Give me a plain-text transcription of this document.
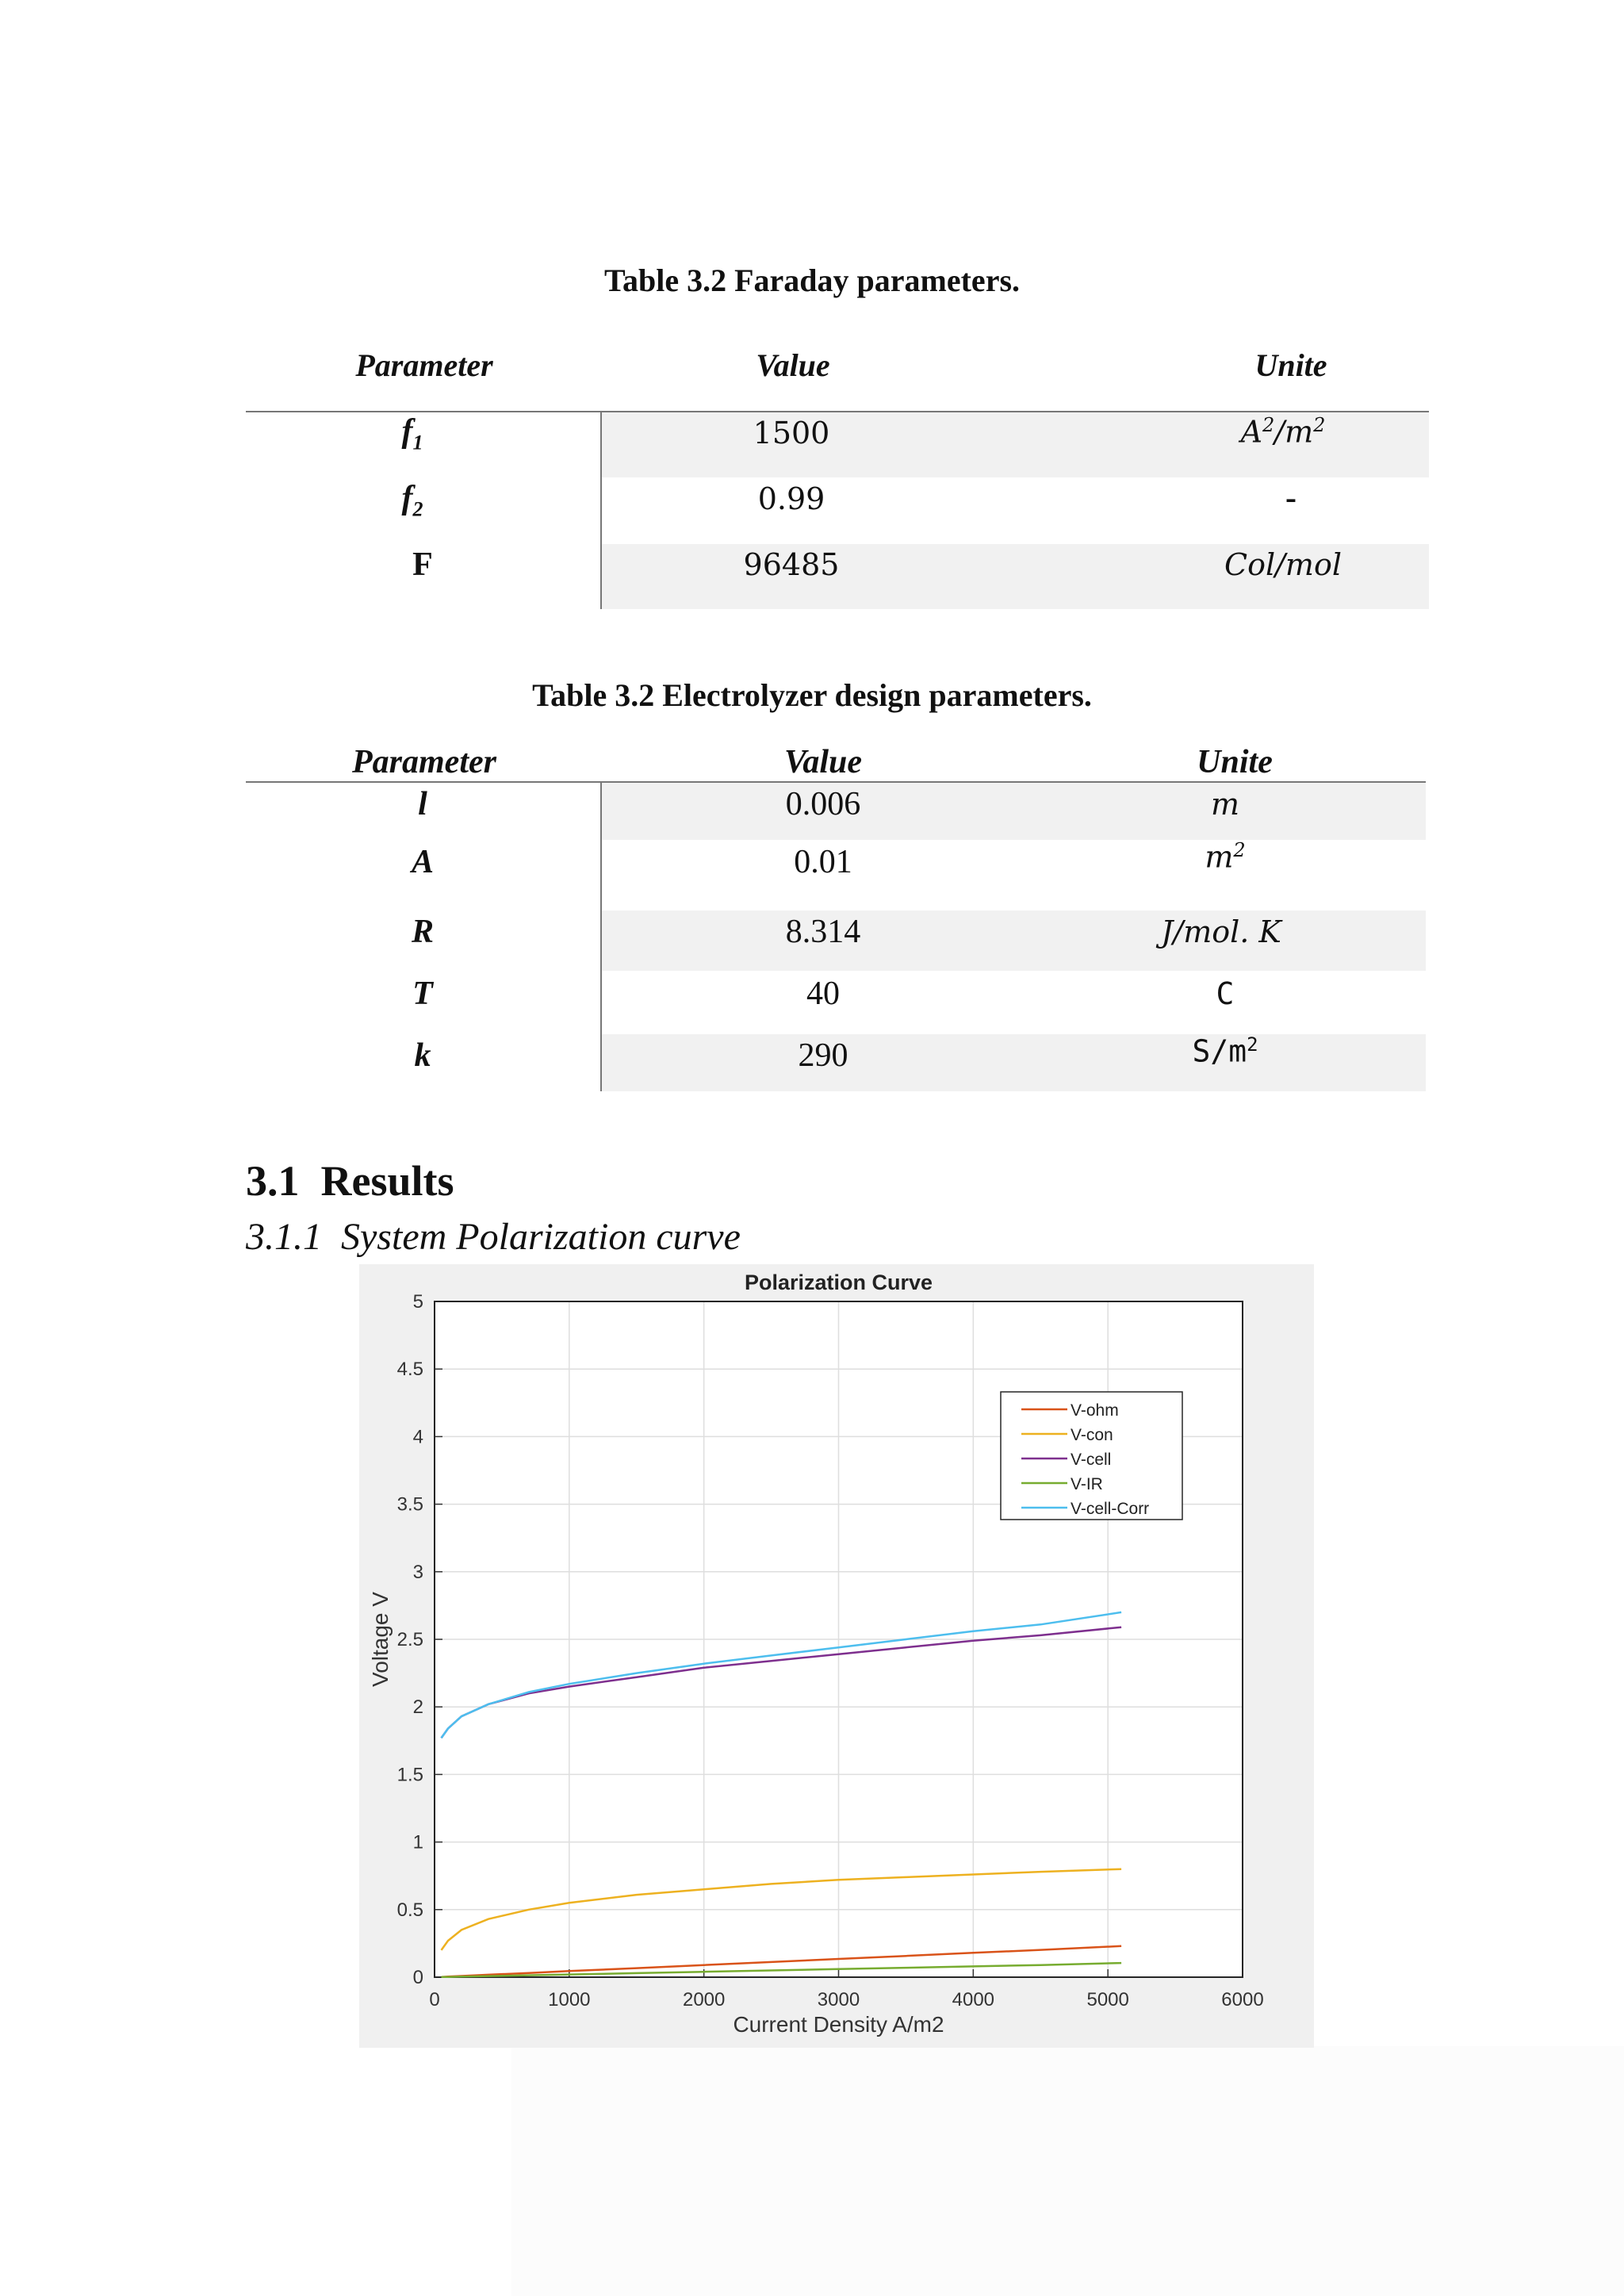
Table 3.2 Faraday parameters.
Parameter	Value	Unite
$f_1$	1500	$A^2/m^2$
$f_2$	0.99	-
F	96485	Col/mol
Table 3.2 Electrolyzer design parameters.
Parameter	Value	Unite
l	0.006	m
A	0.01	$m^2$
R	8.314	J/mol. K
T	40	C
k	290	$S/m^2$
3.1  Results
3.1.1  System Polarization curve
0	1000	2000	3000	4000	5000	6000
0
0.5
1
1.5
2
2.5
3
3.5
4
4.5
5
Polarization Curve
Current Density A/m2
Voltage V
V-ohm
V-con
V-cell
V-IR
V-cell-Corr
